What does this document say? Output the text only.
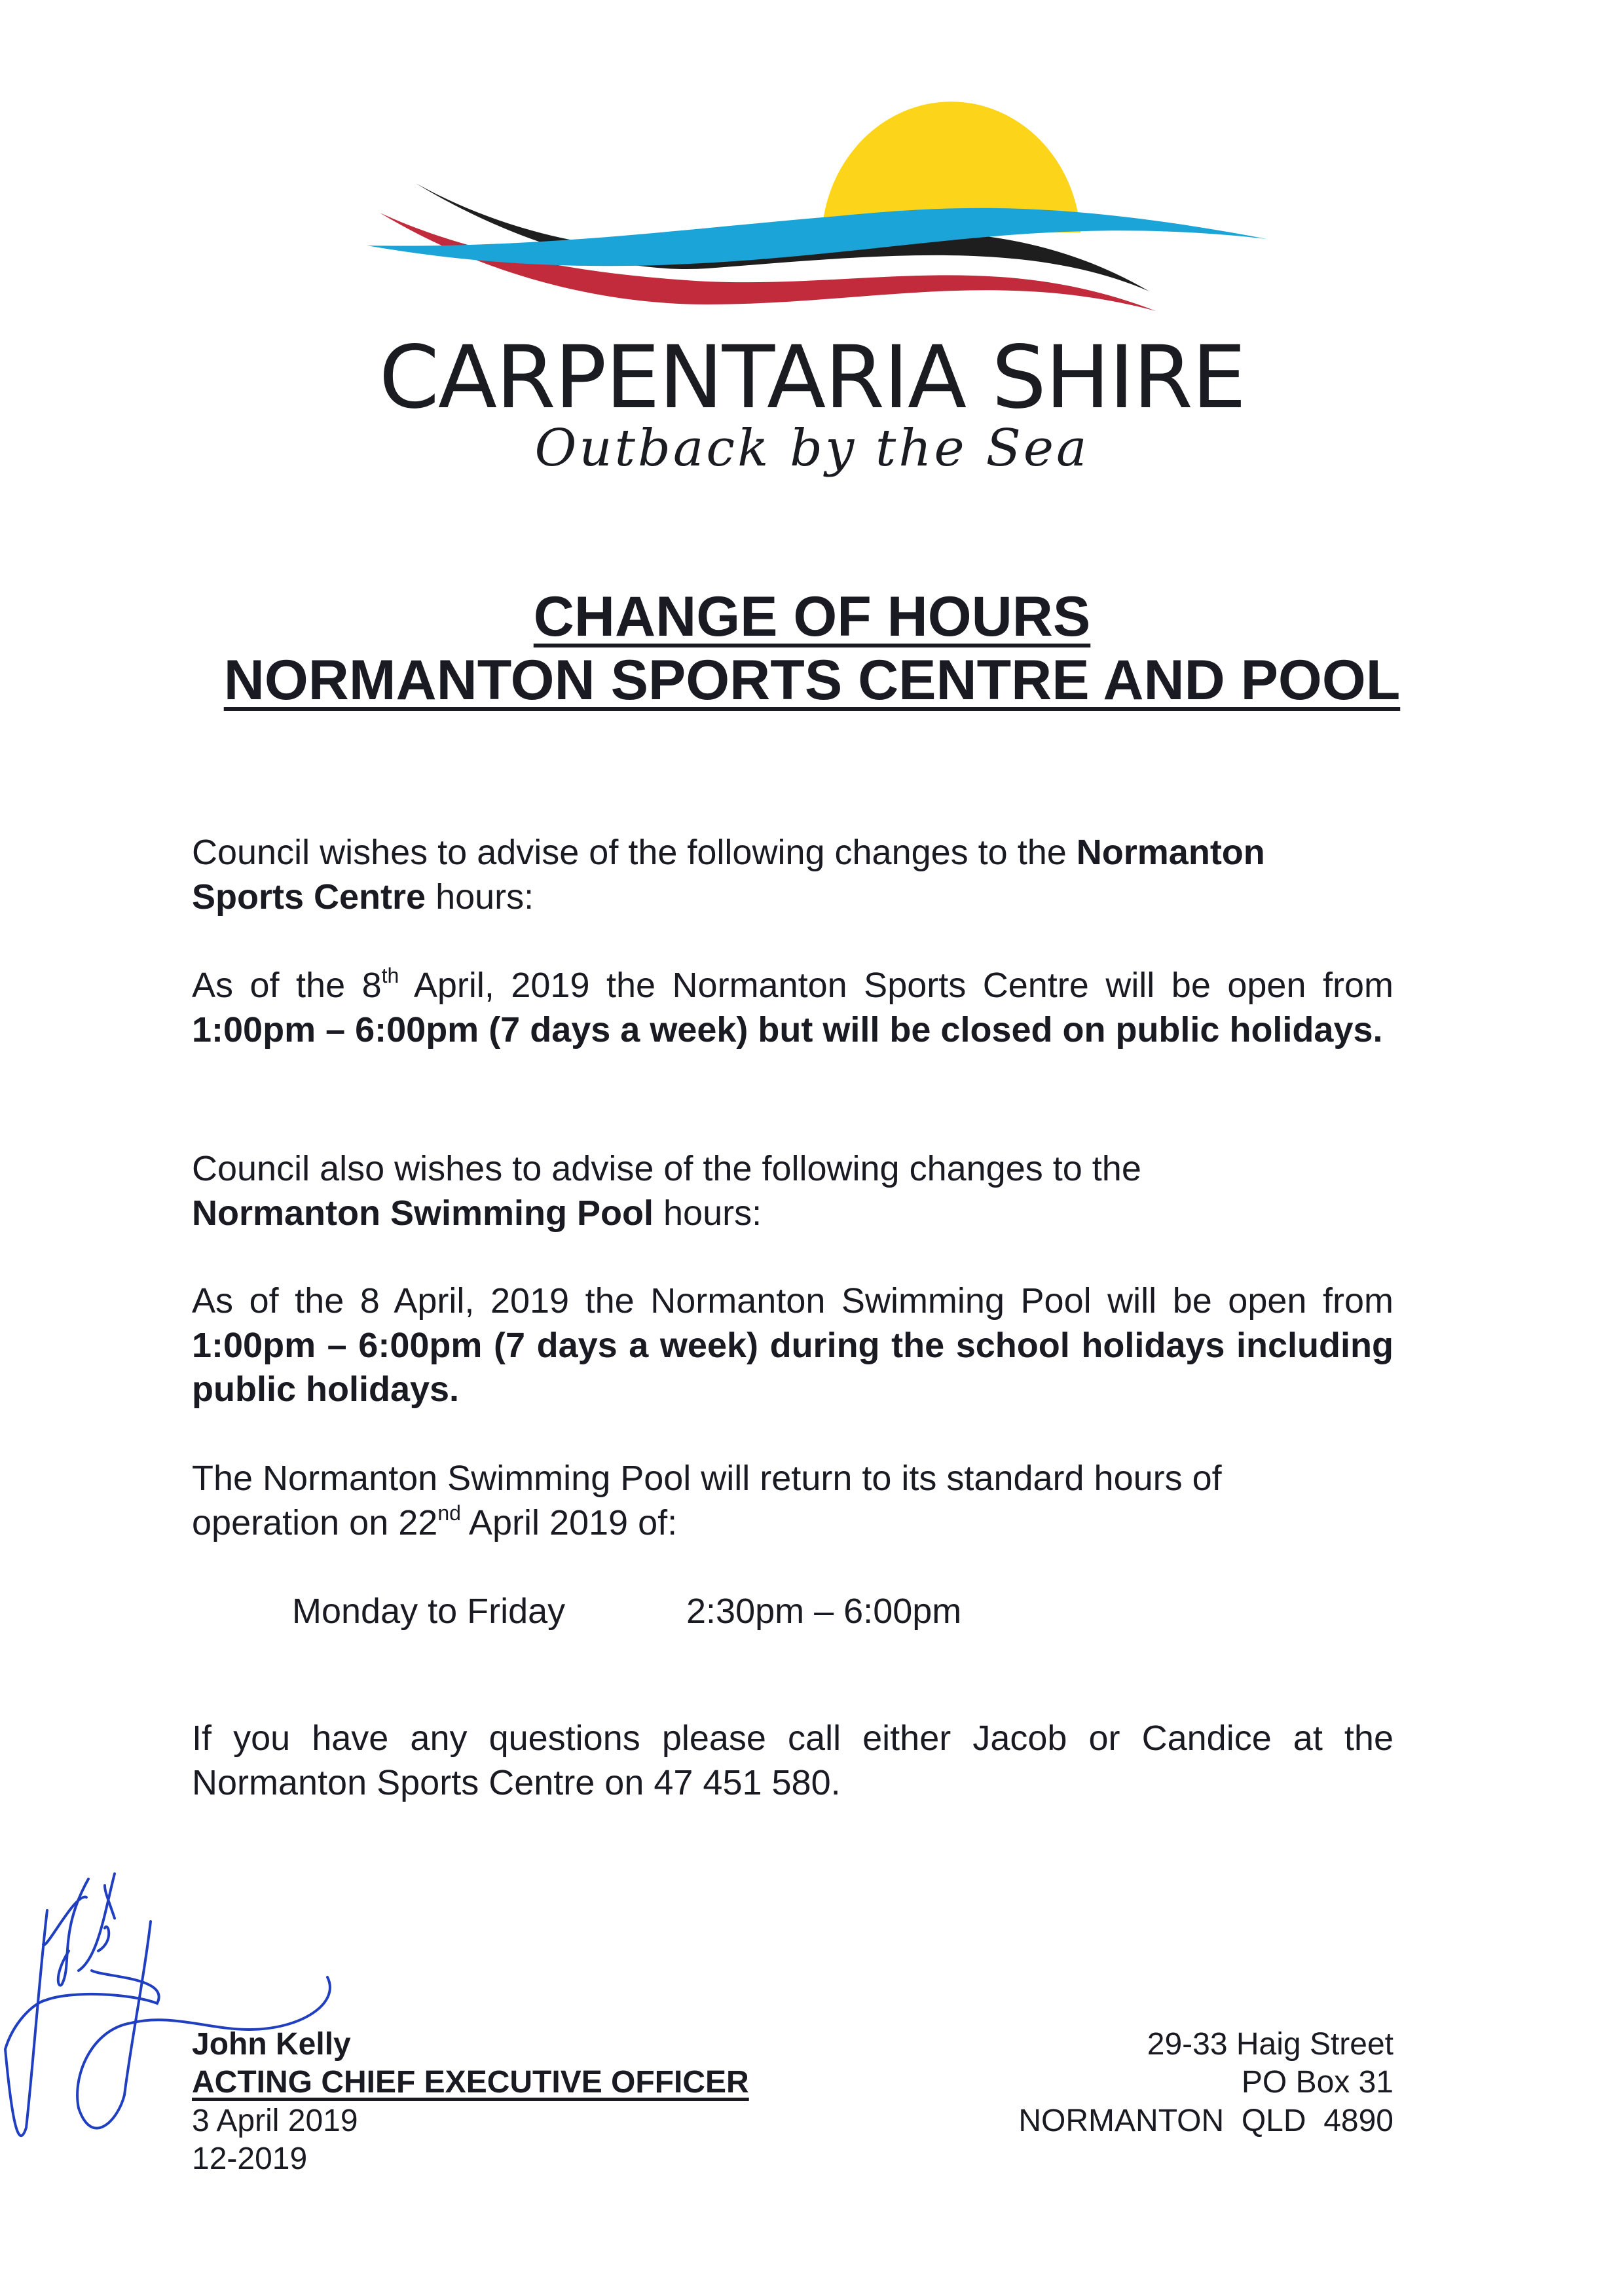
CARPENTARIA SHIRE
Outback by the Sea
CHANGE OF HOURS
NORMANTON SPORTS CENTRE AND POOL
Council wishes to advise of the following changes to the Normanton Sports Centre hours:
As of the 8th April, 2019 the Normanton Sports Centre will be open from 1:00pm – 6:00pm (7 days a week) but will be closed on public holidays.
Council also wishes to advise of the following changes to the Normanton Swimming Pool hours:
As of the 8 April, 2019 the Normanton Swimming Pool will be open from 1:00pm – 6:00pm (7 days a week) during the school holidays including public holidays.
The Normanton Swimming Pool will return to its standard hours of operation on 22nd April 2019 of:
Monday to Friday	2:30pm – 6:00pm
If you have any questions please call either Jacob or Candice at the Normanton Sports Centre on 47 451 580.
John Kelly
ACTING CHIEF EXECUTIVE OFFICER
3 April 2019
12-2019
29-33 Haig Street
PO Box 31
NORMANTON  QLD  4890
